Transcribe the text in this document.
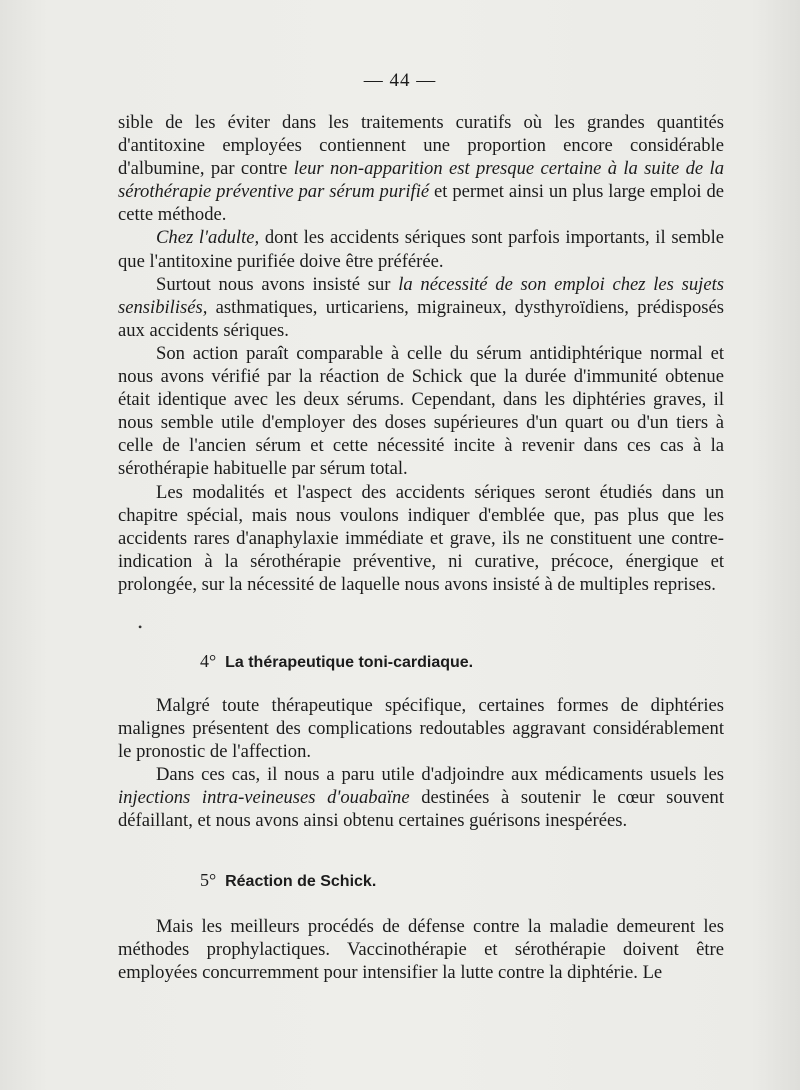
— 44 —

sible de les éviter dans les traitements curatifs où les grandes quantités d'antitoxine employées contiennent une proportion encore considérable d'albumine, par contre leur non-apparition est presque certaine à la suite de la sérothérapie préventive par sérum purifié et permet ainsi un plus large emploi de cette méthode.

Chez l'adulte, dont les accidents sériques sont parfois importants, il semble que l'antitoxine purifiée doive être préférée.

Surtout nous avons insisté sur la nécessité de son emploi chez les sujets sensibilisés, asthmatiques, urticariens, migraineux, dysthyroïdiens, prédisposés aux accidents sériques.

Son action paraît comparable à celle du sérum antidiphtérique normal et nous avons vérifié par la réaction de Schick que la durée d'immunité obtenue était identique avec les deux sérums. Cependant, dans les diphtéries graves, il nous semble utile d'employer des doses supérieures d'un quart ou d'un tiers à celle de l'ancien sérum et cette nécessité incite à revenir dans ces cas à la sérothérapie habituelle par sérum total.

Les modalités et l'aspect des accidents sériques seront étudiés dans un chapitre spécial, mais nous voulons indiquer d'emblée que, pas plus que les accidents rares d'anaphylaxie immédiate et grave, ils ne constituent une contre-indication à la sérothérapie préventive, ni curative, précoce, énergique et prolongée, sur la nécessité de laquelle nous avons insisté à de multiples reprises.

•
4° La thérapeutique toni-cardiaque.

Malgré toute thérapeutique spécifique, certaines formes de diphtéries malignes présentent des complications redoutables aggravant considérablement le pronostic de l'affection.

Dans ces cas, il nous a paru utile d'adjoindre aux médicaments usuels les injections intra-veineuses d'ouabaïne destinées à soutenir le cœur souvent défaillant, et nous avons ainsi obtenu certaines guérisons inespérées.

5° Réaction de Schick.

Mais les meilleurs procédés de défense contre la maladie demeurent les méthodes prophylactiques. Vaccinothérapie et sérothérapie doivent être employées concurremment pour intensifier la lutte contre la diphtérie. Le
